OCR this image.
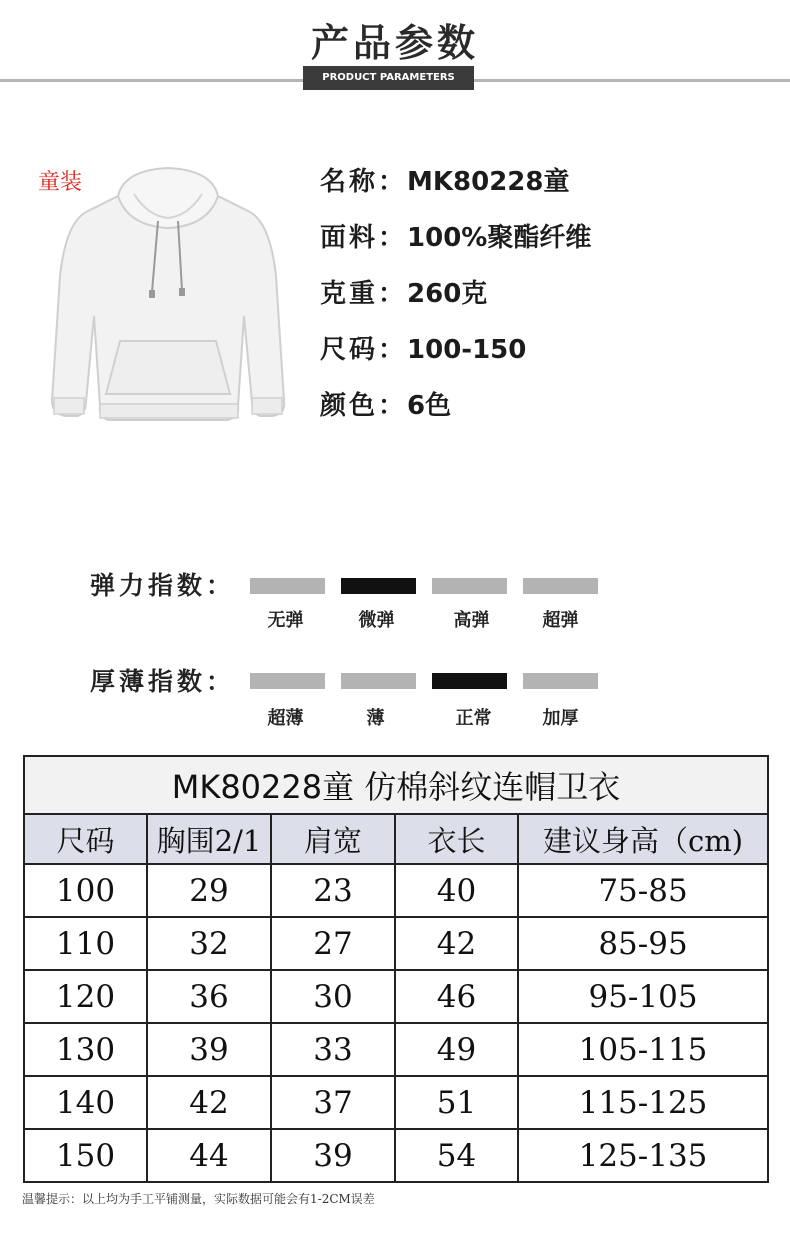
产品参数
PRODUCT PARAMETERS
童装	名称：MK80228童
面料：100%聚酯纤维
克重：260克
尺码：100-150
颜色：6色
弹力指数：
无弹	微弹	高弹	超弹
厚薄指数：
超薄	薄	正常	加厚
MK80228童 仿棉斜纹连帽卫衣				
尺码	胸围2/1	肩宽	衣长	建议身高（cm)
100	29	23	40	75-85
110	32	27	42	85-95
120	36	30	46	95-105
130	39	33	49	105-115
140	42	37	51	115-125
150	44	39	54	125-135
温馨提示：以上均为手工平铺测量，实际数据可能会有1-2CM误差
